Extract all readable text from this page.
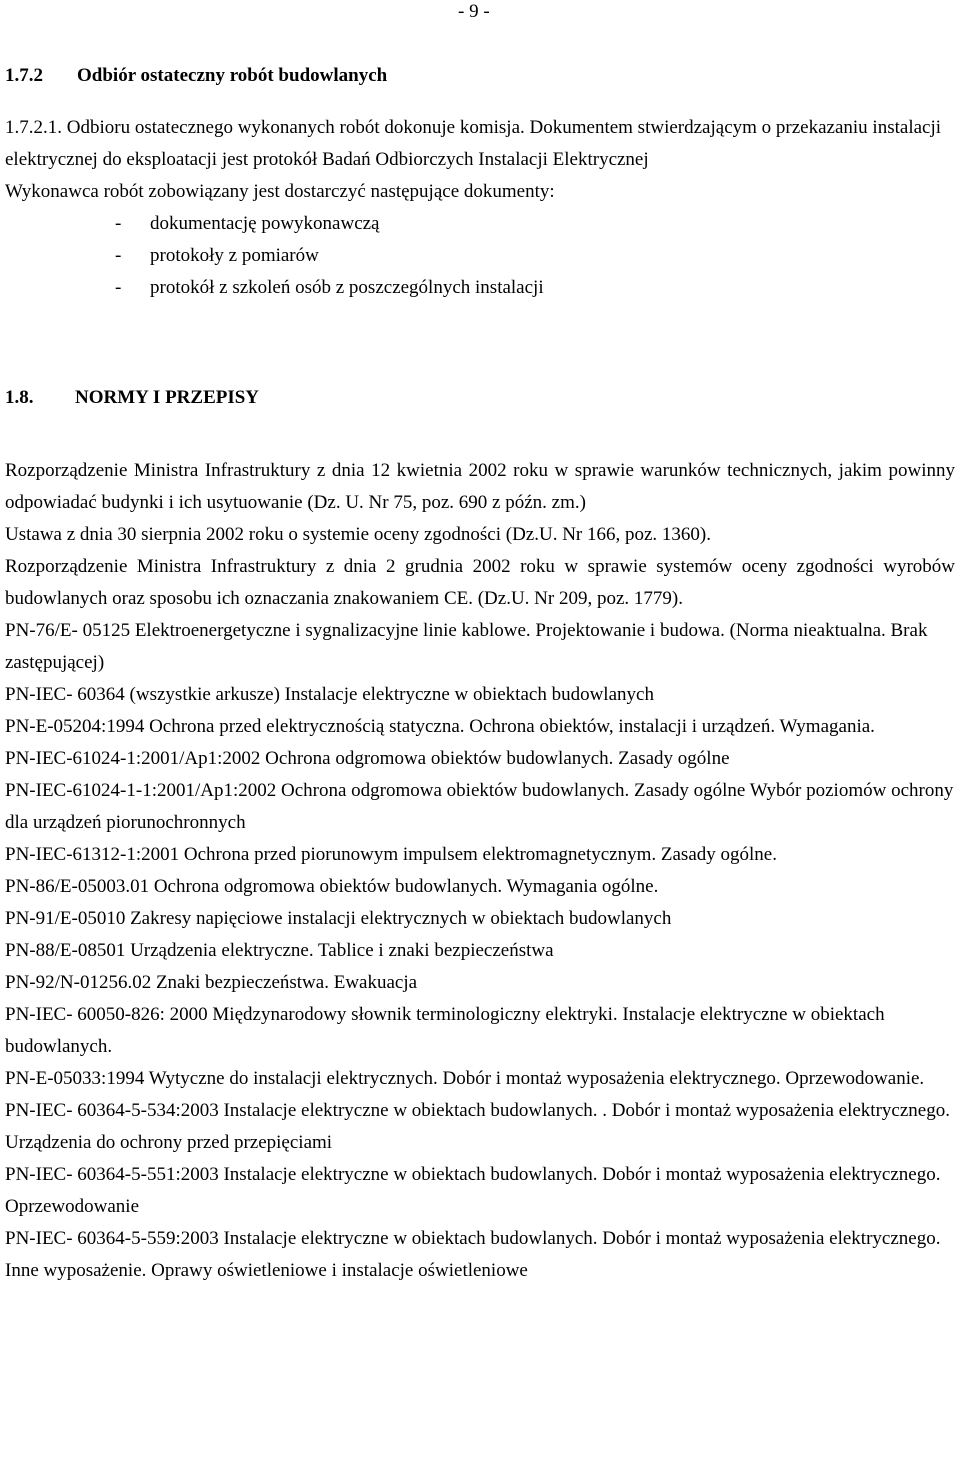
- 9 -
1.7.2 Odbiór ostateczny robót budowlanych

1.7.2.1. Odbioru ostatecznego wykonanych robót dokonuje komisja. Dokumentem stwierdzającym o przekazaniu instalacji elektrycznej do eksploatacji jest protokół Badań Odbiorczych Instalacji Elektrycznej

Wykonawca robót zobowiązany jest dostarczyć następujące dokumenty:

- dokumentację powykonawczą
- protokoły z pomiarów
- protokół z szkoleń osób z poszczególnych instalacji
1.8. NORMY I PRZEPISY

Rozporządzenie Ministra Infrastruktury z dnia 12 kwietnia 2002 roku w sprawie warunków technicznych, jakim powinny odpowiadać budynki i ich usytuowanie (Dz. U. Nr 75, poz. 690 z późn. zm.)

Ustawa z dnia 30 sierpnia 2002 roku o systemie oceny zgodności (Dz.U. Nr 166, poz. 1360).

Rozporządzenie Ministra Infrastruktury z dnia 2 grudnia 2002 roku w sprawie systemów oceny zgodności wyrobów budowlanych oraz sposobu ich oznaczania znakowaniem CE. (Dz.U. Nr 209, poz. 1779).

PN-76/E- 05125 Elektroenergetyczne i sygnalizacyjne linie kablowe. Projektowanie i budowa. (Norma nieaktualna. Brak zastępującej)

PN-IEC- 60364 (wszystkie arkusze) Instalacje elektryczne w obiektach budowlanych

PN-E-05204:1994 Ochrona przed elektrycznością statyczna. Ochrona obiektów, instalacji i urządzeń. Wymagania.

PN-IEC-61024-1:2001/Ap1:2002 Ochrona odgromowa obiektów budowlanych. Zasady ogólne

PN-IEC-61024-1-1:2001/Ap1:2002 Ochrona odgromowa obiektów budowlanych. Zasady ogólne Wybór poziomów ochrony dla urządzeń piorunochronnych

PN-IEC-61312-1:2001 Ochrona przed piorunowym impulsem elektromagnetycznym. Zasady ogólne.

PN-86/E-05003.01 Ochrona odgromowa obiektów budowlanych. Wymagania ogólne.

PN-91/E-05010 Zakresy napięciowe instalacji elektrycznych w obiektach budowlanych

PN-88/E-08501 Urządzenia elektryczne. Tablice i znaki bezpieczeństwa

PN-92/N-01256.02 Znaki bezpieczeństwa. Ewakuacja

PN-IEC- 60050-826: 2000 Międzynarodowy słownik terminologiczny elektryki. Instalacje elektryczne w obiektach budowlanych.

PN-E-05033:1994 Wytyczne do instalacji elektrycznych. Dobór i montaż wyposażenia elektrycznego. Oprzewodowanie.

PN-IEC- 60364-5-534:2003 Instalacje elektryczne w obiektach budowlanych. . Dobór i montaż wyposażenia elektrycznego. Urządzenia do ochrony przed przepięciami

PN-IEC- 60364-5-551:2003 Instalacje elektryczne w obiektach budowlanych. Dobór i montaż wyposażenia elektrycznego. Oprzewodowanie

PN-IEC- 60364-5-559:2003 Instalacje elektryczne w obiektach budowlanych. Dobór i montaż wyposażenia elektrycznego. Inne wyposażenie. Oprawy oświetleniowe i instalacje oświetleniowe
